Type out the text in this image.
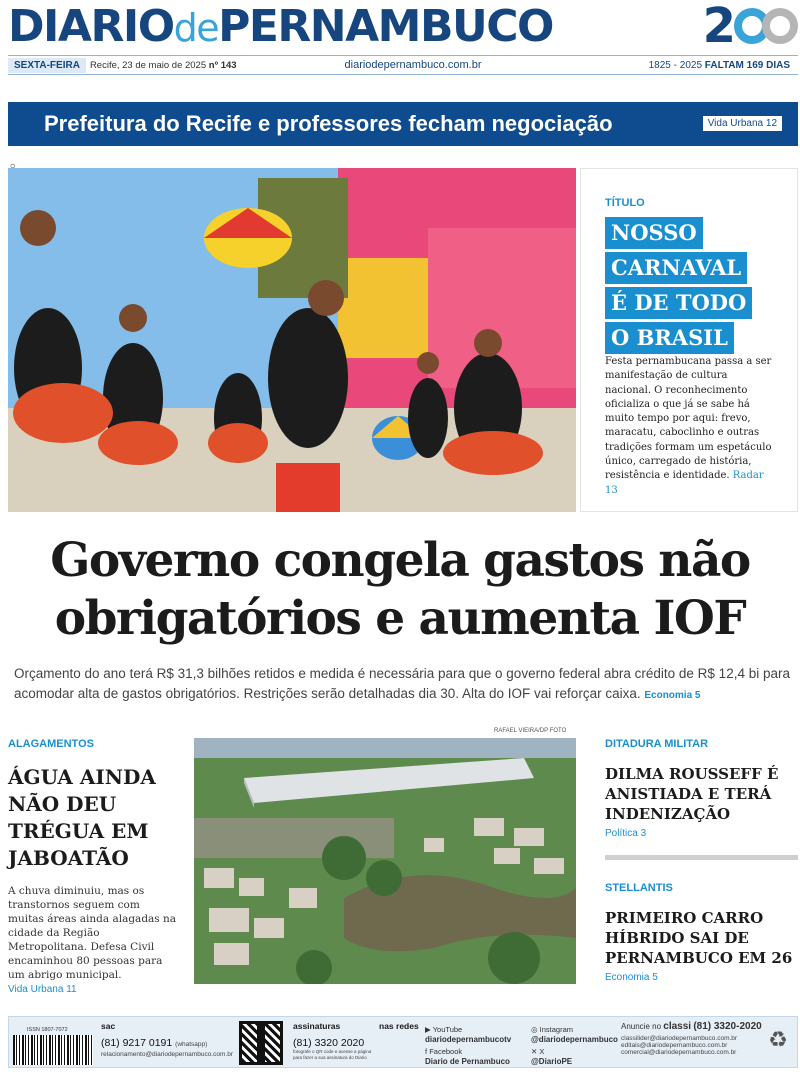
DIARIOdePERNAMBUCO	2
SEXTA-FEIRA	Recife, 23 de maio de 2025 nº 143	diariodepernambuco.com.br	1825 - 2025 FALTAM 169 DIAS
Prefeitura do Recife e professores fecham negociação	Vida Urbana 12
TÍTULO
NOSSO
CARNAVAL
É DE TODO
O BRASIL
Festa pernambucana passa a ser manifestação de cultura nacional. O reconhecimento oficializa o que já se sabe há muito tempo por aqui: frevo, maracatu, caboclinho e outras tradições formam um espetáculo único, carregado de história, resistência e identidade. Radar 13
Governo congela gastos não
obrigatórios e aumenta IOF
Orçamento do ano terá R$ 31,3 bilhões retidos e medida é necessária para que o governo federal abra crédito de R$ 12,4 bi para acomodar alta de gastos obrigatórios. Restrições serão detalhadas dia 30. Alta do IOF vai reforçar caixa. Economia 5
ALAGAMENTOS
ÁGUA AINDA NÃO DEU TRÉGUA EM JABOATÃO
A chuva diminuiu, mas os transtornos seguem com muitas áreas ainda alagadas na cidade da Região Metropolitana. Defesa Civil encaminhou 80 pessoas para um abrigo municipal.
Vida Urbana 11
RAFAEL VIEIRA/DP FOTO
DITADURA MILITAR
DILMA ROUSSEFF É ANISTIADA E TERÁ INDENIZAÇÃO
Política 3
STELLANTIS
PRIMEIRO CARRO HÍBRIDO SAI DE PERNAMBUCO EM 26
Economia 5
ISSN 1807-7072	sac
(81) 9217 0191 (whatsapp)
relacionamento@diariodepernambuco.com.br
assinaturas
(81) 3320 2020
fotografe o QR code e acesse a página para fazer a sua assinatura do Diario
nas redes ▶ YouTube
diariodepernambucotv
f Facebook
Diario de Pernambuco
◎ Instagram
@diariodepernambuco
✕ X
@DiarioPE
Anuncie no classi (81) 3320-2020
classilider@diariodepernambuco.com.br
editais@diariodepernambuco.com.br
comercial@diariodepernambuco.com.br
♻
